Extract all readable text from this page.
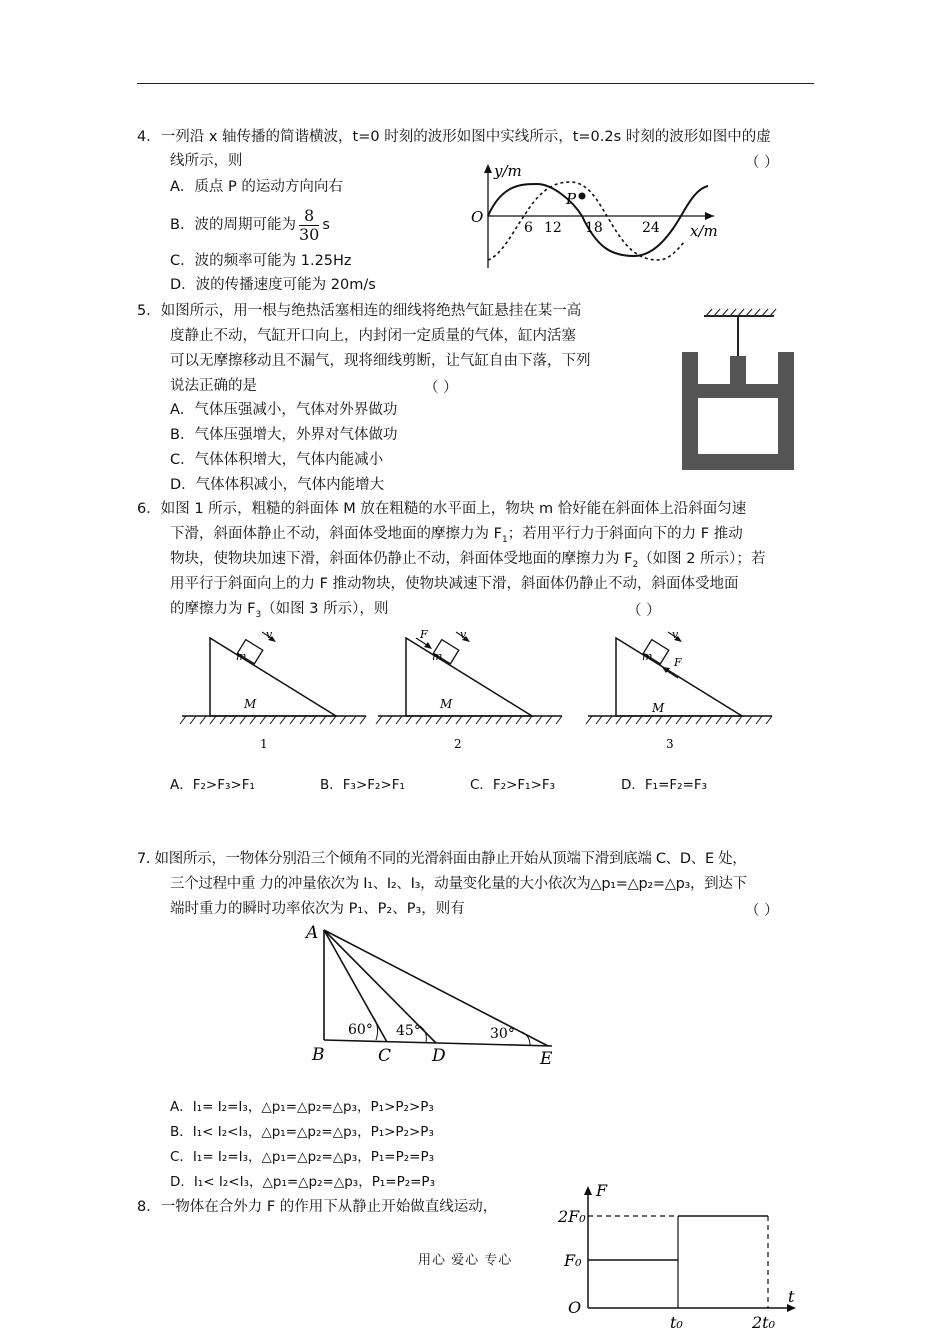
4．一列沿 x 轴传播的简谐横波，t=0 时刻的波形如图中实线所示，t=0.2s 时刻的波形如图中的虚
线所示，则	（ ）
A．质点 P 的运动方向向右
B．波的周期可能为 $\frac{8}{30}$ s
C．波的频率可能为 1.25Hz
D．波的传播速度可能为 20m/s
y/m
x/m
O
P
6 12 18	24
5．如图所示，用一根与绝热活塞相连的细线将绝热气缸悬挂在某一高
度静止不动，气缸开口向上，内封闭一定质量的气体，缸内活塞
可以无摩擦移动且不漏气，现将细线剪断，让气缸自由下落，下列
说法正确的是	（ ）
A．气体压强减小，气体对外界做功
B．气体压强增大，外界对气体做功
C．气体体积增大，气体内能减小
D．气体体积减小，气体内能增大
6．如图 1 所示，粗糙的斜面体 M 放在粗糙的水平面上，物块 m 恰好能在斜面体上沿斜面匀速
下滑，斜面体静止不动，斜面体受地面的摩擦力为 $F_1$；若用平行力于斜面向下的力 F 推动
物块，使物块加速下滑，斜面体仍静止不动，斜面体受地面的摩擦力为 $F_2$（如图 2 所示）；若
用平行于斜面向上的力 F 推动物块，使物块减速下滑，斜面体仍静止不动，斜面体受地面
的摩擦力为 $F_3$（如图 3 所示），则	（ ）
m
v
M
1
m
F	v
M
2
m
v
F
M
3
A．F₂>F₃>F₁	B．F₃>F₂>F₁	C．F₂>F₁>F₃	D．F₁=F₂=F₃
7. 如图所示，一物体分别沿三个倾角不同的光滑斜面由静止开始从顶端下滑到底端 C、D、E 处，
三个过程中重 力的冲量依次为 I₁、I₂、I₃，动量变化量的大小依次为△p₁=△p₂=△p₃，到达下
端时重力的瞬时功率依次为 P₁、P₂、P₃，则有	（ ）
A
B	C D	E
60° 45°	30°
A．I₁= I₂=I₃，△p₁=△p₂=△p₃，P₁>P₂>P₃
B．I₁< I₂<I₃，△p₁=△p₂=△p₃，P₁>P₂>P₃
C．I₁= I₂=I₃，△p₁=△p₂=△p₃，P₁=P₂=P₃
D．I₁< I₂<I₃，△p₁=△p₂=△p₃，P₁=P₂=P₃
8．一物体在合外力 F 的作用下从静止开始做直线运动，
F
2F₀
F₀
O
t₀	2t₀
t
用心 爱心 专心
